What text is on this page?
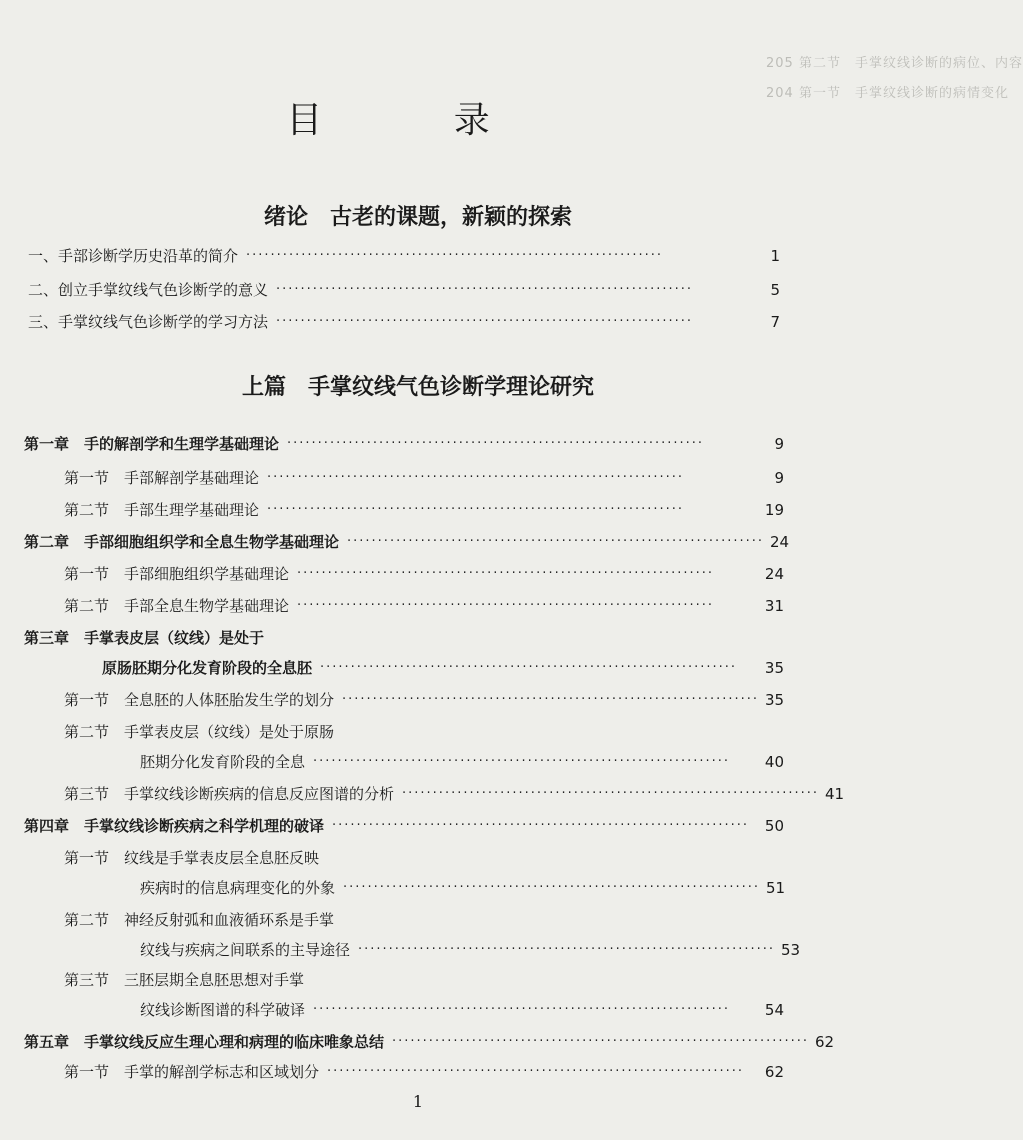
205 第二节　手掌纹线诊断的病位、内容
204 第一节　手掌纹线诊断的病情变化
目 录
绪论　古老的课题，新颖的探索
一、手部诊断学历史沿革的简介 ····································································	1
二、创立手掌纹线气色诊断学的意义 ····································································	5
三、手掌纹线气色诊断学的学习方法 ····································································	7
上篇　手掌纹线气色诊断学理论研究
第一章　手的解剖学和生理学基础理论 ····································································	9
第一节　手部解剖学基础理论 ····································································	9
第二节　手部生理学基础理论 ····································································	19
第二章　手部细胞组织学和全息生物学基础理论 ···································································· 24
第一节　手部细胞组织学基础理论 ····································································	24
第二节　手部全息生物学基础理论 ····································································	31
第三章　手掌表皮层（纹线）是处于
原肠胚期分化发育阶段的全息胚 ····································································	35
第一节　全息胚的人体胚胎发生学的划分 ···································································· 35
第二节　手掌表皮层（纹线）是处于原肠
胚期分化发育阶段的全息 ····································································	40
第三节　手掌纹线诊断疾病的信息反应图谱的分析 ···································································· 41
第四章　手掌纹线诊断疾病之科学机理的破译 ····································································	50
第一节　纹线是手掌表皮层全息胚反映
疾病时的信息病理变化的外象 ···································································· 51
第二节　神经反射弧和血液循环系是手掌
纹线与疾病之间联系的主导途径 ···································································· 53
第三节　三胚层期全息胚思想对手掌
纹线诊断图谱的科学破译 ····································································	54
第五章　手掌纹线反应生理心理和病理的临床唯象总结 ···································································· 62
第一节　手掌的解剖学标志和区域划分 ····································································	62
1
